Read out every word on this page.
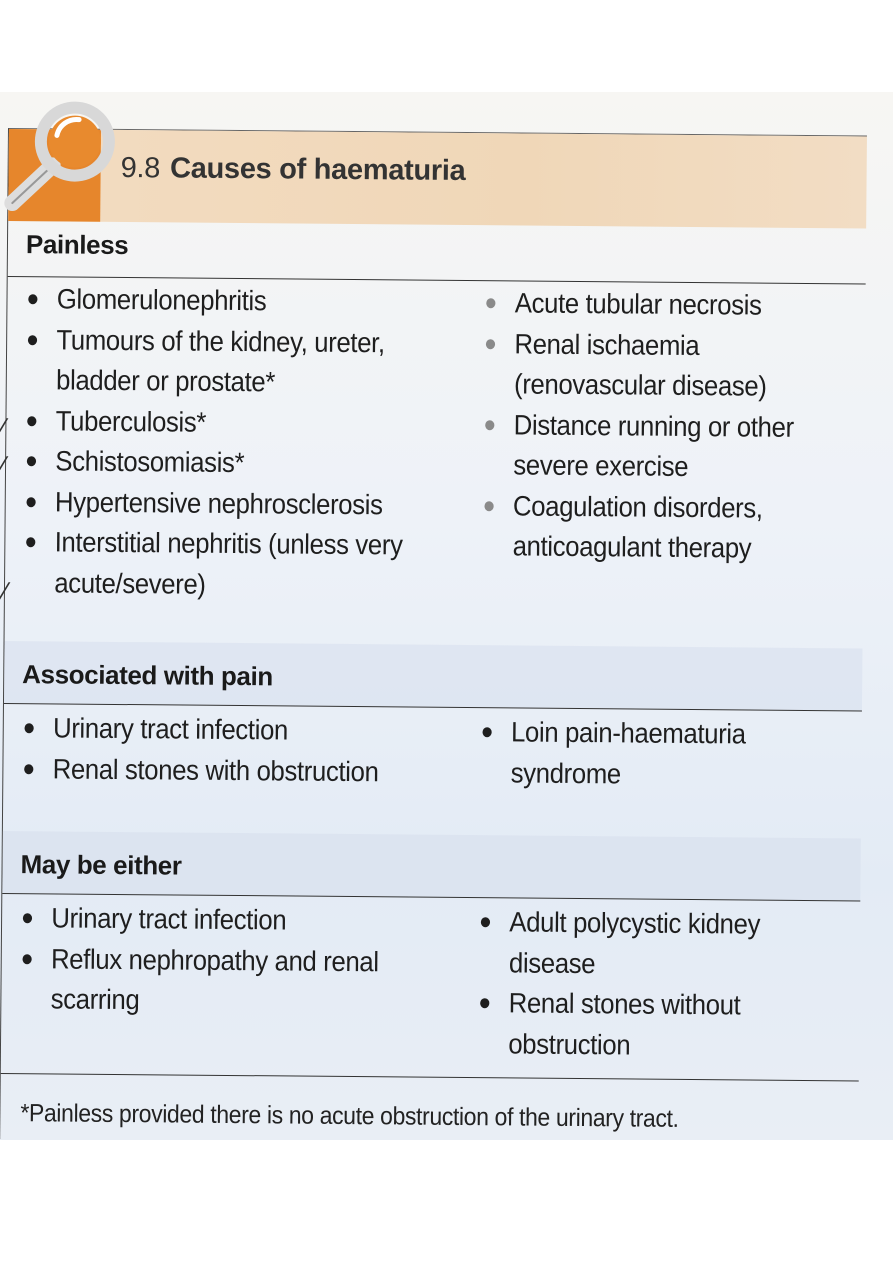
9.8 Causes of haematuria
Painless
Glomerulonephritis
Tumours of the kidney, ureter, bladder or prostate*
Tuberculosis*
Schistosomiasis*
Hypertensive nephrosclerosis
Interstitial nephritis (unless very acute/severe)
Acute tubular necrosis
Renal ischaemia (renovascular disease)
Distance running or other severe exercise
Coagulation disorders, anticoagulant therapy
Associated with pain
Urinary tract infection
Renal stones with obstruction
Loin pain-haematuria syndrome
May be either
Urinary tract infection
Reflux nephropathy and renal scarring
Adult polycystic kidney disease
Renal stones without obstruction
*Painless provided there is no acute obstruction of the urinary tract.
⁄
⁄
⁄
